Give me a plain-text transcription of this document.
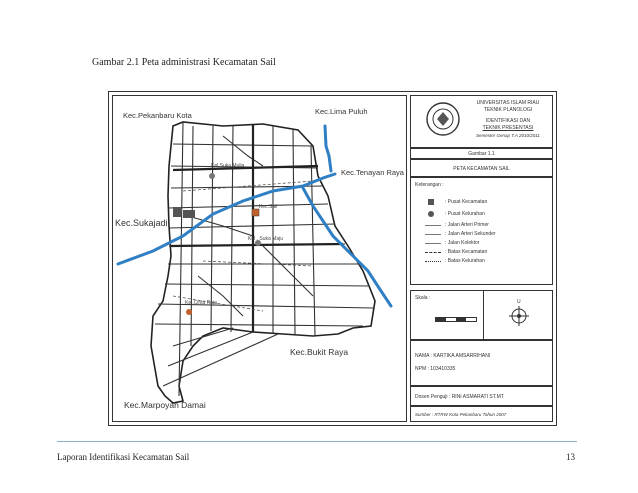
Gambar 2.1 Peta administrasi Kecamatan Sail
Kec.Pekanbaru Kota	Kec.Lima Puluh
Kec.Tenayan Raya
Kec.Sukajadi
Kec.Bukit Raya
Kec.Marpoyan Damai
Kel.Suka Mulia
Kec.Sail
Kel . Suka Maju
Kel.Cinta Raja
UNIVERSITAS ISLAM RIAU
TEKNIK PLANOLOGI
IDENTIFIKASI DAN
TEKNIK PRESENTASI
Semester Genap T.A 2010/2011
Gambar 1.1
PETA KECAMATAN SAIL
Keterangan :
: Pusat Kecamatan
: Pusat Kelurahan
: Jalan Arteri Primer
: Jalan Arteri Sekunder
: Jalan Kolektor
: Batas Kecamatan
: Batas Kelurahan
Skala :
U
NAMA : KARTIKA AMSARRIHANI
NPM : 103410335
Dosen Penguji : RINI ASMARATI ST.MT
Sumber : RTRW Kota Pekanbaru Tahun 2007
Laporan Identifikasi Kecamatan Sail	13
